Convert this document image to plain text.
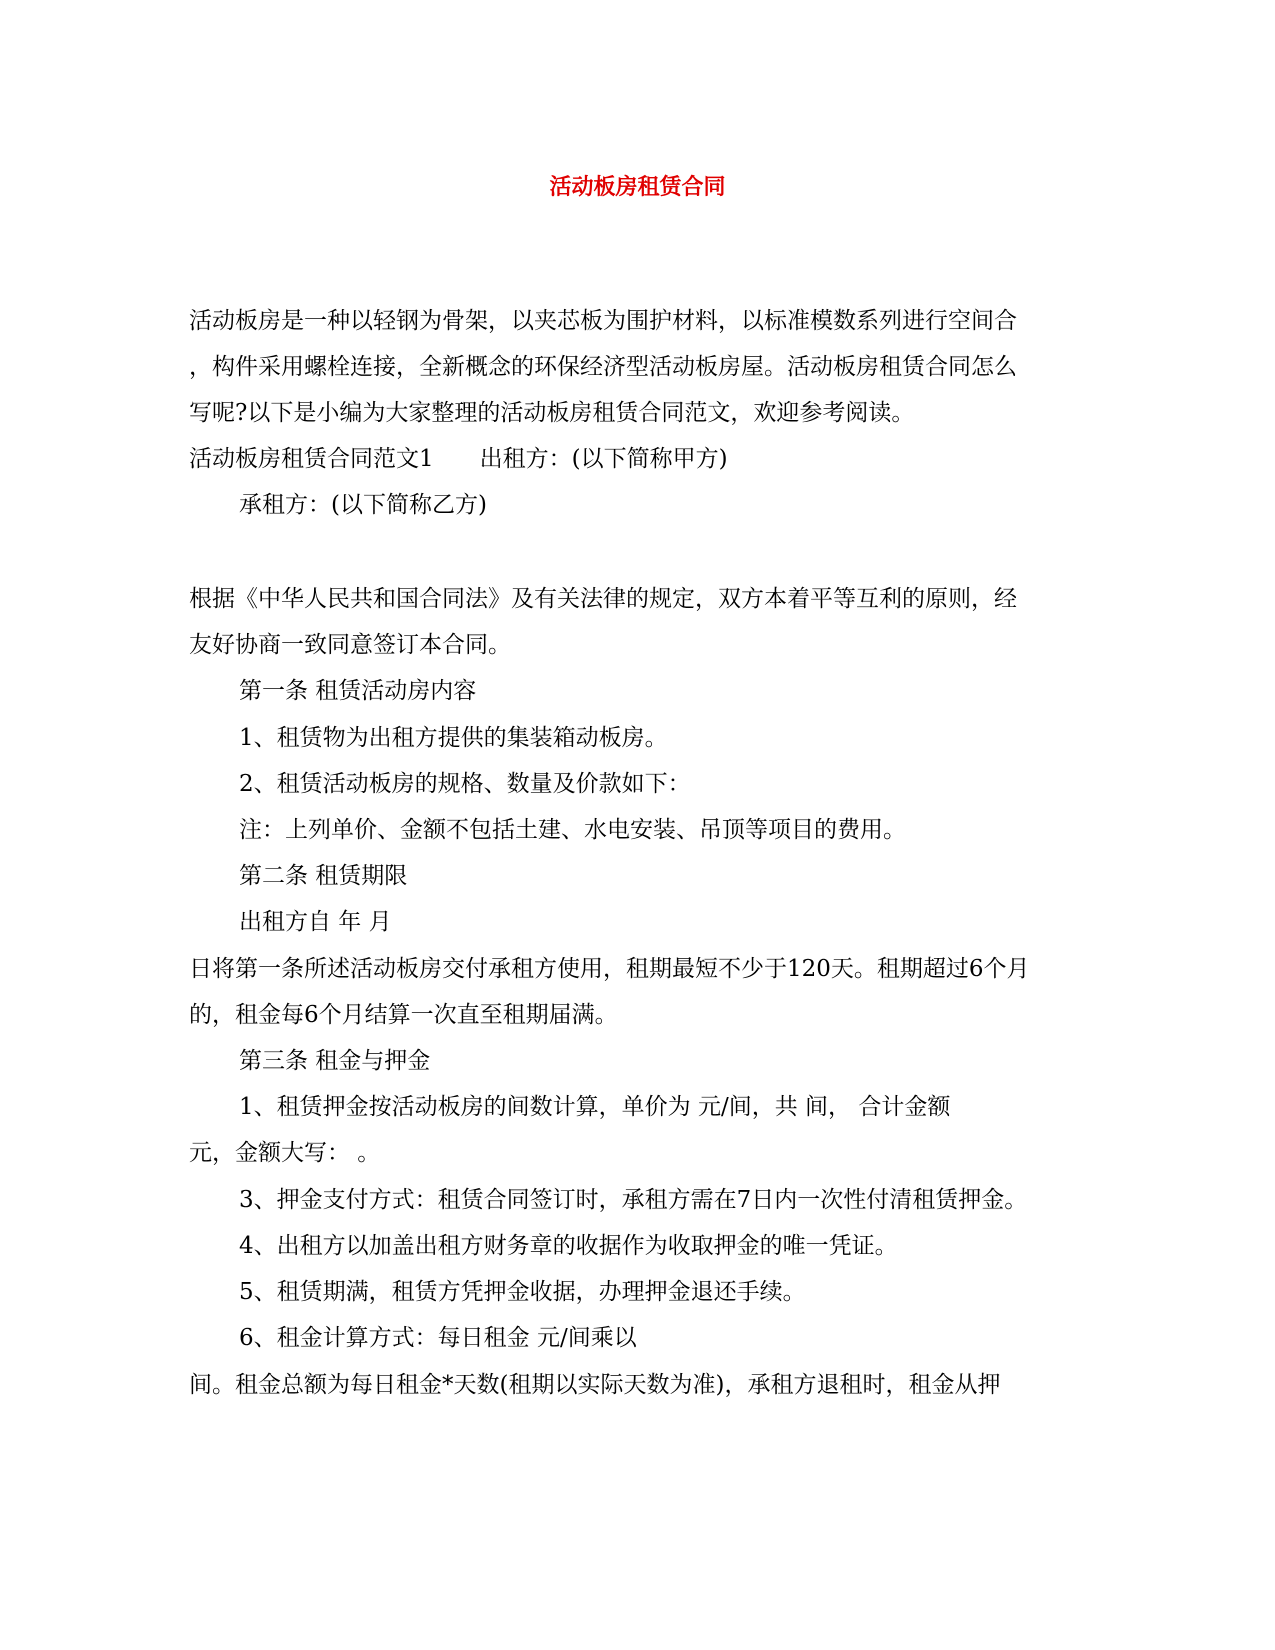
活动板房租赁合同
活动板房是一种以轻钢为骨架，以夹芯板为围护材料，以标准模数系列进行空间合
，构件采用螺栓连接，全新概念的环保经济型活动板房屋。活动板房租赁合同怎么
写呢?以下是小编为大家整理的活动板房租赁合同范文，欢迎参考阅读。
活动板房租赁合同范文1　　出租方：(以下简称甲方)
承租方：(以下简称乙方)
根据《中华人民共和国合同法》及有关法律的规定，双方本着平等互利的原则，经
友好协商一致同意签订本合同。
第一条 租赁活动房内容
1、租赁物为出租方提供的集装箱动板房。
2、租赁活动板房的规格、数量及价款如下：
注：上列单价、金额不包括土建、水电安装、吊顶等项目的费用。
第二条 租赁期限
出租方自 年 月
日将第一条所述活动板房交付承租方使用，租期最短不少于120天。租期超过6个月
的，租金每6个月结算一次直至租期届满。
第三条 租金与押金
1、租赁押金按活动板房的间数计算，单价为 元/间，共 间， 合计金额
元，金额大写： 。
3、押金支付方式：租赁合同签订时，承租方需在7日内一次性付清租赁押金。
4、出租方以加盖出租方财务章的收据作为收取押金的唯一凭证。
5、租赁期满，租赁方凭押金收据，办理押金退还手续。
6、租金计算方式：每日租金 元/间乘以
间。租金总额为每日租金*天数(租期以实际天数为准)，承租方退租时，租金从押
